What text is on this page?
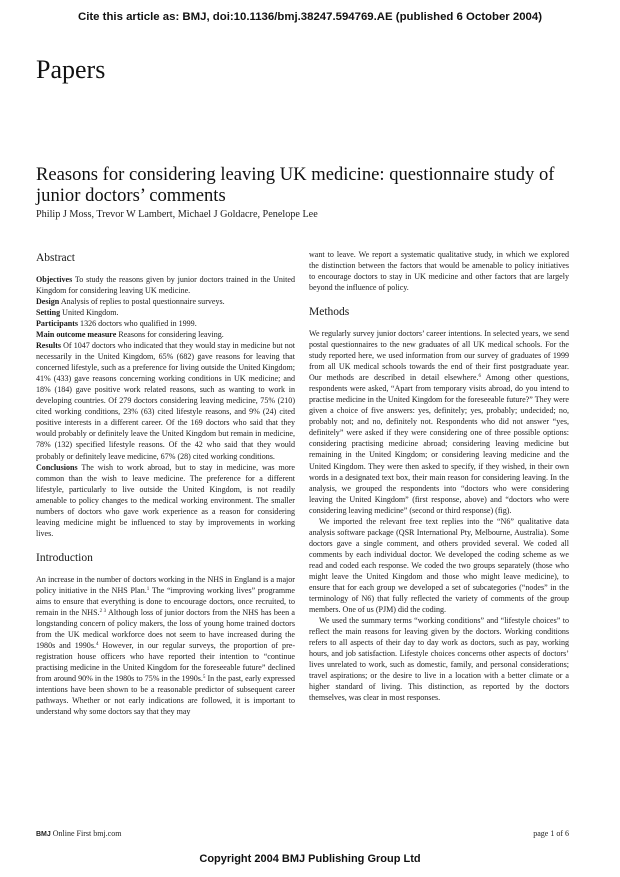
Cite this article as: BMJ, doi:10.1136/bmj.38247.594769.AE (published 6 October 2004)
Papers
Reasons for considering leaving UK medicine: questionnaire study of junior doctors’ comments
Philip J Moss, Trevor W Lambert, Michael J Goldacre, Penelope Lee
Abstract

Objectives To study the reasons given by junior doctors trained in the United Kingdom for considering leaving UK medicine.

Design Analysis of replies to postal questionnaire surveys.

Setting United Kingdom.

Participants 1326 doctors who qualified in 1999.

Main outcome measure Reasons for considering leaving.

Results Of 1047 doctors who indicated that they would stay in medicine but not necessarily in the United Kingdom, 65% (682) gave reasons for leaving that concerned lifestyle, such as a preference for living outside the United Kingdom; 41% (433) gave reasons concerning working conditions in UK medicine; and 18% (184) gave positive work related reasons, such as wanting to work in developing countries. Of 279 doctors considering leaving medicine, 75% (210) cited working conditions, 23% (63) cited lifestyle reasons, and 9% (24) cited positive interests in a different career. Of the 169 doctors who said that they would probably or definitely leave the United Kingdom but remain in medicine, 78% (132) specified lifestyle reasons. Of the 42 who said that they would probably or definitely leave medicine, 67% (28) cited working conditions.

Conclusions The wish to work abroad, but to stay in medicine, was more common than the wish to leave medicine. The preference for a different lifestyle, particularly to live outside the United Kingdom, is not readily amenable to policy changes to the medical working environment. The smaller numbers of doctors who gave work experience as a reason for considering leaving medicine might be influenced to stay by improvements in working lives.

Introduction

An increase in the number of doctors working in the NHS in England is a major policy initiative in the NHS Plan.$^1$ The “improving working lives” programme aims to ensure that everything is done to encourage doctors, once recruited, to remain in the NHS.$^{2 3}$ Although loss of junior doctors from the NHS has been a longstanding concern of policy makers, the loss of young home trained doctors from the UK medical workforce does not seem to have increased during the 1980s and 1990s.$^4$ However, in our regular surveys, the proportion of pre-registration house officers who have reported their intention to “continue practising medicine in the United Kingdom for the foreseeable future” declined from around 90% in the 1980s to 75% in the 1990s.$^5$ In the past, early expressed intentions have been shown to be a reasonable predictor of subsequent career pathways. Whether or not early indications are followed, it is important to understand why some doctors say that they may

want to leave. We report a systematic qualitative study, in which we explored the distinction between the factors that would be amenable to policy initiatives to encourage doctors to stay in UK medicine and other factors that are largely beyond the influence of policy.

Methods

We regularly survey junior doctors’ career intentions. In selected years, we send postal questionnaires to the new graduates of all UK medical schools. For the study reported here, we used information from our survey of graduates of 1999 from all UK medical schools towards the end of their first postgraduate year. Our methods are described in detail elsewhere.$^6$ Among other questions, respondents were asked, “Apart from temporary visits abroad, do you intend to practise medicine in the United Kingdom for the foreseeable future?” They were given a choice of five answers: yes, definitely; yes, probably; undecided; no, probably not; and no, definitely not. Respondents who did not answer “yes, definitely” were asked if they were considering one of three possible options: considering practising medicine abroad; considering leaving medicine but remaining in the United Kingdom; or considering leaving medicine and the United Kingdom. They were then asked to specify, if they wished, in their own words in a designated text box, their main reason for considering leaving. In the analysis, we grouped the respondents into “doctors who were considering leaving the United Kingdom” (first response, above) and “doctors who were considering leaving medicine” (second or third response) (fig).

We imported the relevant free text replies into the “N6” qualitative data analysis software package (QSR International Pty, Melbourne, Australia). Some doctors gave a single comment, and others provided several. We coded all comments by each individual doctor. We developed the coding scheme as we read and coded each response. We coded the two groups separately (those who might leave the United Kingdom and those who might leave medicine), to ensure that for each group we developed a set of subcategories (“nodes” in the terminology of N6) that fully reflected the variety of comments of the group members. One of us (PJM) did the coding.

We used the summary terms “working conditions” and “lifestyle choices” to reflect the main reasons for leaving given by the doctors. Working conditions refers to all aspects of their day to day work as doctors, such as pay, working hours, and job satisfaction. Lifestyle choices concerns other aspects of doctors’ lives unrelated to work, such as domestic, family, and personal considerations; travel aspirations; or the desire to live in a location with a better climate or a higher standard of living. This distinction, as reported by the doctors themselves, was clear in most responses.

BMJ Online First bmj.com	page 1 of 6
Copyright 2004 BMJ Publishing Group Ltd
